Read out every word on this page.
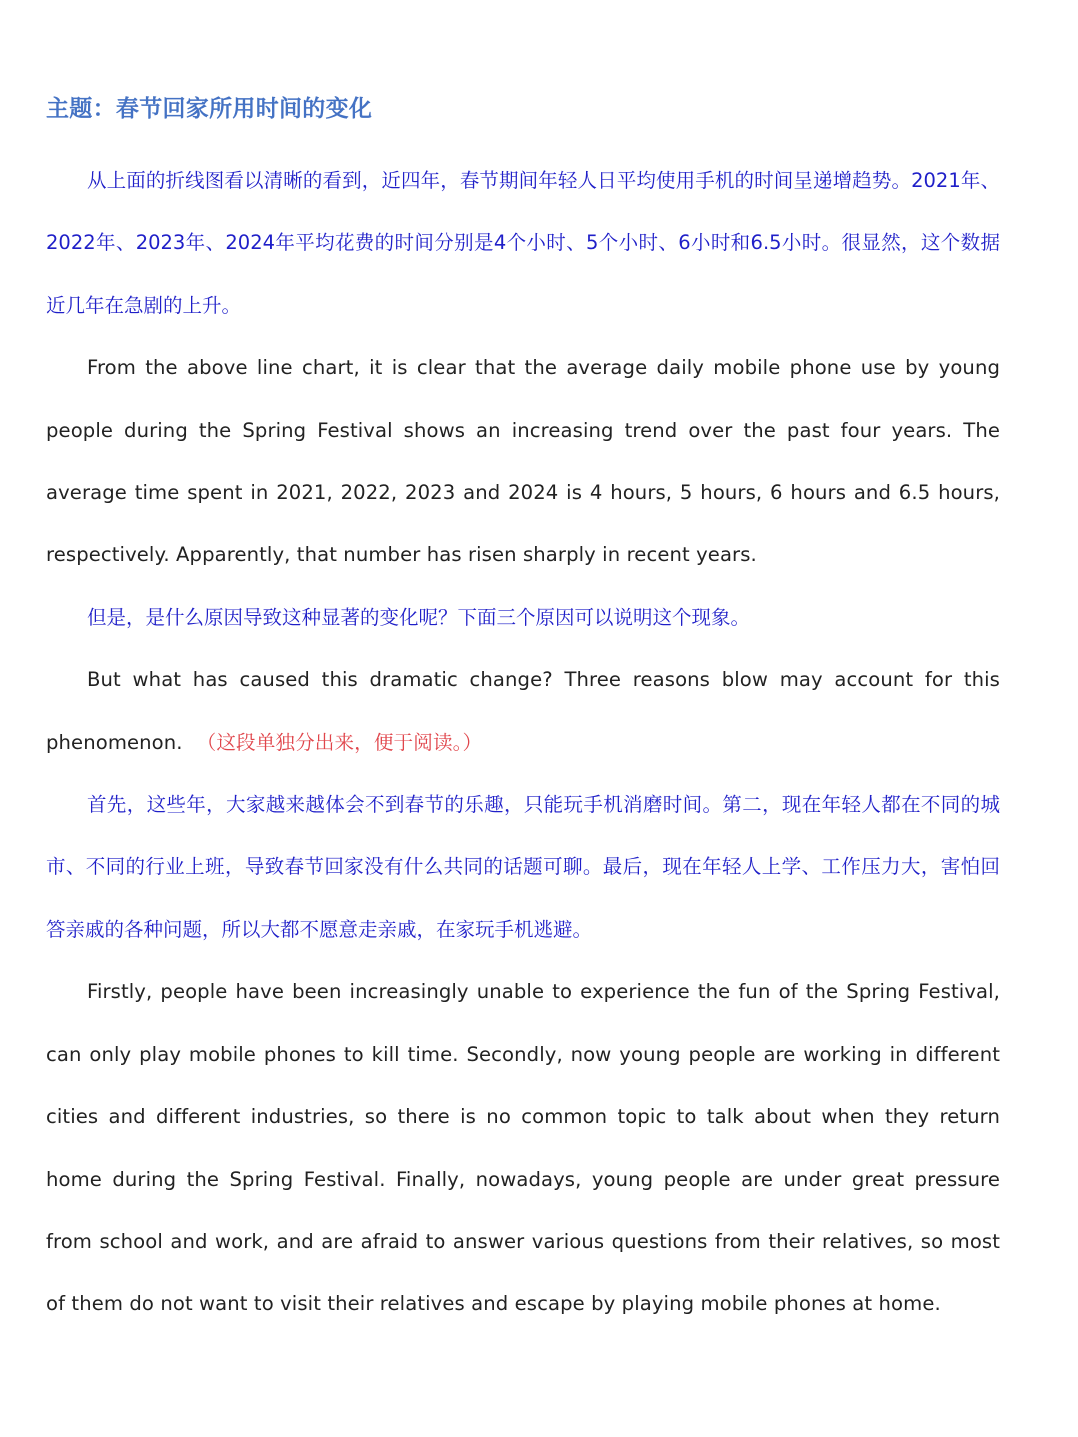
主题：春节回家所用时间的变化

从上面的折线图看以清晰的看到，近四年，春节期间年轻人日平均使用手机的时间呈递增趋势。2021年、2022年、2023年、2024年平均花费的时间分别是4个小时、5个小时、6小时和6.5小时。很显然，这个数据近几年在急剧的上升。

From the above line chart, it is clear that the average daily mobile phone use by young people during the Spring Festival shows an increasing trend over the past four years. The average time spent in 2021, 2022, 2023 and 2024 is 4 hours, 5 hours, 6 hours and 6.5 hours, respectively. Apparently, that number has risen sharply in recent years.

但是，是什么原因导致这种显著的变化呢？下面三个原因可以说明这个现象。

But what has caused this dramatic change? Three reasons blow may account for this phenomenon. （这段单独分出来，便于阅读。）

首先，这些年，大家越来越体会不到春节的乐趣，只能玩手机消磨时间。第二，现在年轻人都在不同的城市、不同的行业上班，导致春节回家没有什么共同的话题可聊。最后，现在年轻人上学、工作压力大，害怕回答亲戚的各种问题，所以大都不愿意走亲戚，在家玩手机逃避。

Firstly, people have been increasingly unable to experience the fun of the Spring Festival, can only play mobile phones to kill time. Secondly, now young people are working in different cities and different industries, so there is no common topic to talk about when they return home during the Spring Festival. Finally, nowadays, young people are under great pressure from school and work, and are afraid to answer various questions from their relatives, so most of them do not want to visit their relatives and escape by playing mobile phones at home.
